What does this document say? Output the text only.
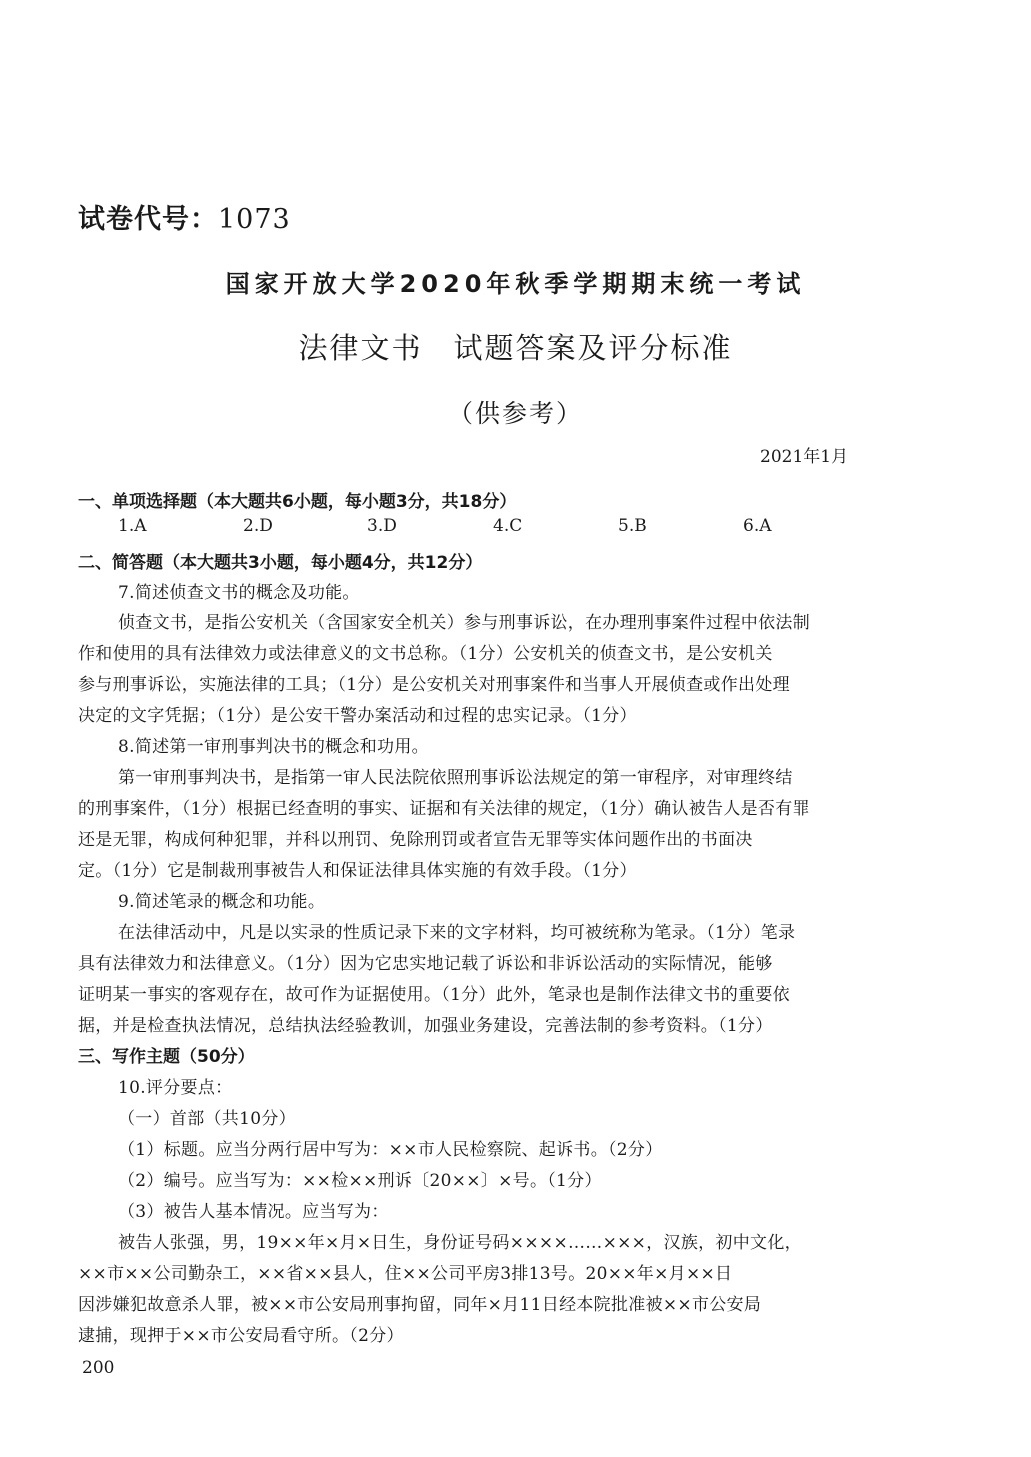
试卷代号：1073
国家开放大学2020年秋季学期期末统一考试
法律文书　试题答案及评分标准
（供参考）
2021年1月
一、单项选择题（本大题共6小题，每小题3分，共18分）
1.A	2.D	3.D	4.C	5.B	6.A
二、简答题（本大题共3小题，每小题4分，共12分）
7.简述侦查文书的概念及功能。
侦查文书，是指公安机关（含国家安全机关）参与刑事诉讼，在办理刑事案件过程中依法制
作和使用的具有法律效力或法律意义的文书总称。（1分）公安机关的侦查文书，是公安机关
参与刑事诉讼，实施法律的工具；（1分）是公安机关对刑事案件和当事人开展侦查或作出处理
决定的文字凭据；（1分）是公安干警办案活动和过程的忠实记录。（1分）
8.简述第一审刑事判决书的概念和功用。
第一审刑事判决书，是指第一审人民法院依照刑事诉讼法规定的第一审程序，对审理终结
的刑事案件，（1分）根据已经查明的事实、证据和有关法律的规定，（1分）确认被告人是否有罪
还是无罪，构成何种犯罪，并科以刑罚、免除刑罚或者宣告无罪等实体问题作出的书面决
定。（1分）它是制裁刑事被告人和保证法律具体实施的有效手段。（1分）
9.简述笔录的概念和功能。
在法律活动中，凡是以实录的性质记录下来的文字材料，均可被统称为笔录。（1分）笔录
具有法律效力和法律意义。（1分）因为它忠实地记载了诉讼和非诉讼活动的实际情况，能够
证明某一事实的客观存在，故可作为证据使用。（1分）此外，笔录也是制作法律文书的重要依
据，并是检查执法情况，总结执法经验教训，加强业务建设，完善法制的参考资料。（1分）
三、写作主题（50分）
10.评分要点：
（一）首部（共10分）
（1）标题。应当分两行居中写为：××市人民检察院、起诉书。（2分）
（2）编号。应当写为：××检××刑诉〔20××〕×号。（1分）
（3）被告人基本情况。应当写为：
被告人张强，男，19××年×月×日生，身份证号码××××……×××，汉族，初中文化，
××市××公司勤杂工，××省××县人，住××公司平房3排13号。20××年×月××日
因涉嫌犯故意杀人罪，被××市公安局刑事拘留，同年×月11日经本院批准被××市公安局
逮捕，现押于××市公安局看守所。（2分）
200
